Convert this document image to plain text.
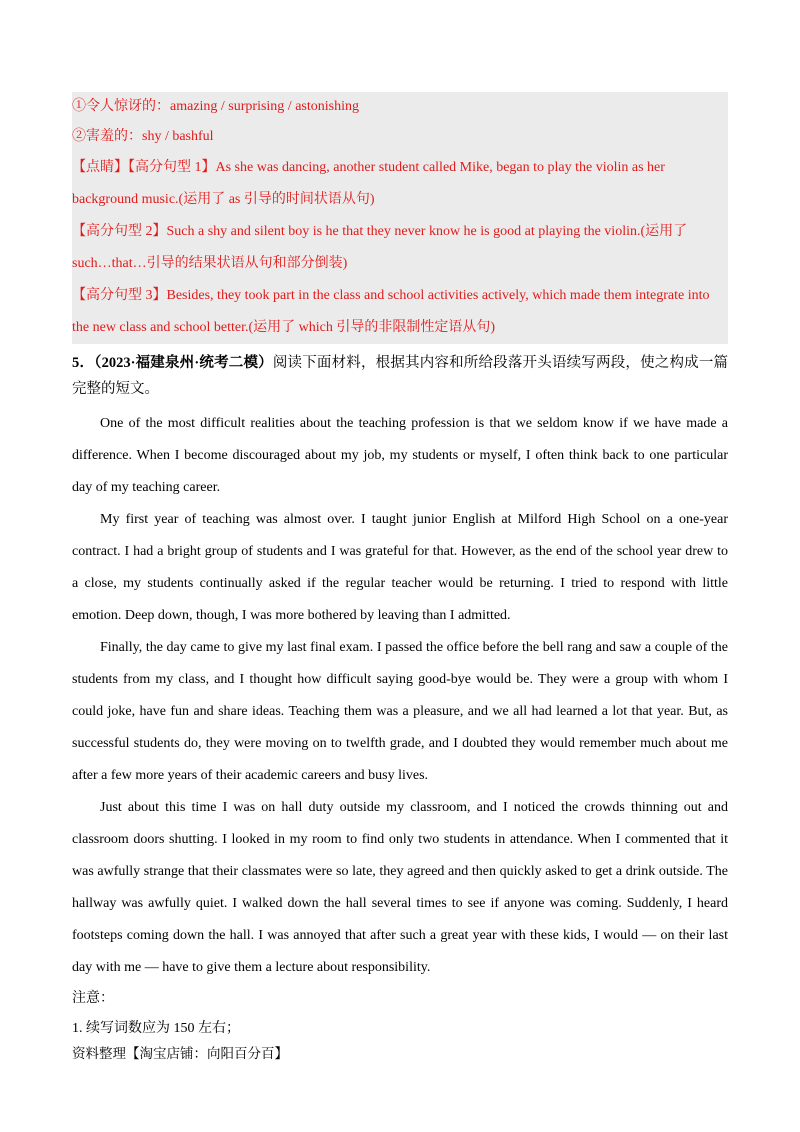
①令人惊讶的：amazing / surprising / astonishing
②害羞的：shy / bashful
【点睛】【高分句型 1】As she was dancing, another student called Mike, began to play the violin as her background music.(运用了 as 引导的时间状语从句)
【高分句型 2】Such a shy and silent boy is he that they never know he is good at playing the violin.(运用了 such…that…引导的结果状语从句和部分倒装)
【高分句型 3】Besides, they took part in the class and school activities actively, which made them integrate into the new class and school better.(运用了 which 引导的非限制性定语从句)
5．（2023·福建泉州·统考二模）阅读下面材料，根据其内容和所给段落开头语续写两段，使之构成一篇完整的短文。

One of the most difficult realities about the teaching profession is that we seldom know if we have made a difference. When I become discouraged about my job, my students or myself, I often think back to one particular day of my teaching career.

My first year of teaching was almost over. I taught junior English at Milford High School on a one-year contract. I had a bright group of students and I was grateful for that. However, as the end of the school year drew to a close, my students continually asked if the regular teacher would be returning. I tried to respond with little emotion. Deep down, though, I was more bothered by leaving than I admitted.

Finally, the day came to give my last final exam. I passed the office before the bell rang and saw a couple of the students from my class, and I thought how difficult saying good-bye would be. They were a group with whom I could joke, have fun and share ideas. Teaching them was a pleasure, and we all had learned a lot that year. But, as successful students do, they were moving on to twelfth grade, and I doubted they would remember much about me after a few more years of their academic careers and busy lives.

Just about this time I was on hall duty outside my classroom, and I noticed the crowds thinning out and classroom doors shutting. I looked in my room to find only two students in attendance. When I commented that it was awfully strange that their classmates were so late, they agreed and then quickly asked to get a drink outside. The hallway was awfully quiet. I walked down the hall several times to see if anyone was coming. Suddenly, I heard footsteps coming down the hall. I was annoyed that after such a great year with these kids, I would — on their last day with me — have to give them a lecture about responsibility.

注意：

1. 续写词数应为 150 左右；

资料整理【淘宝店铺：向阳百分百】
